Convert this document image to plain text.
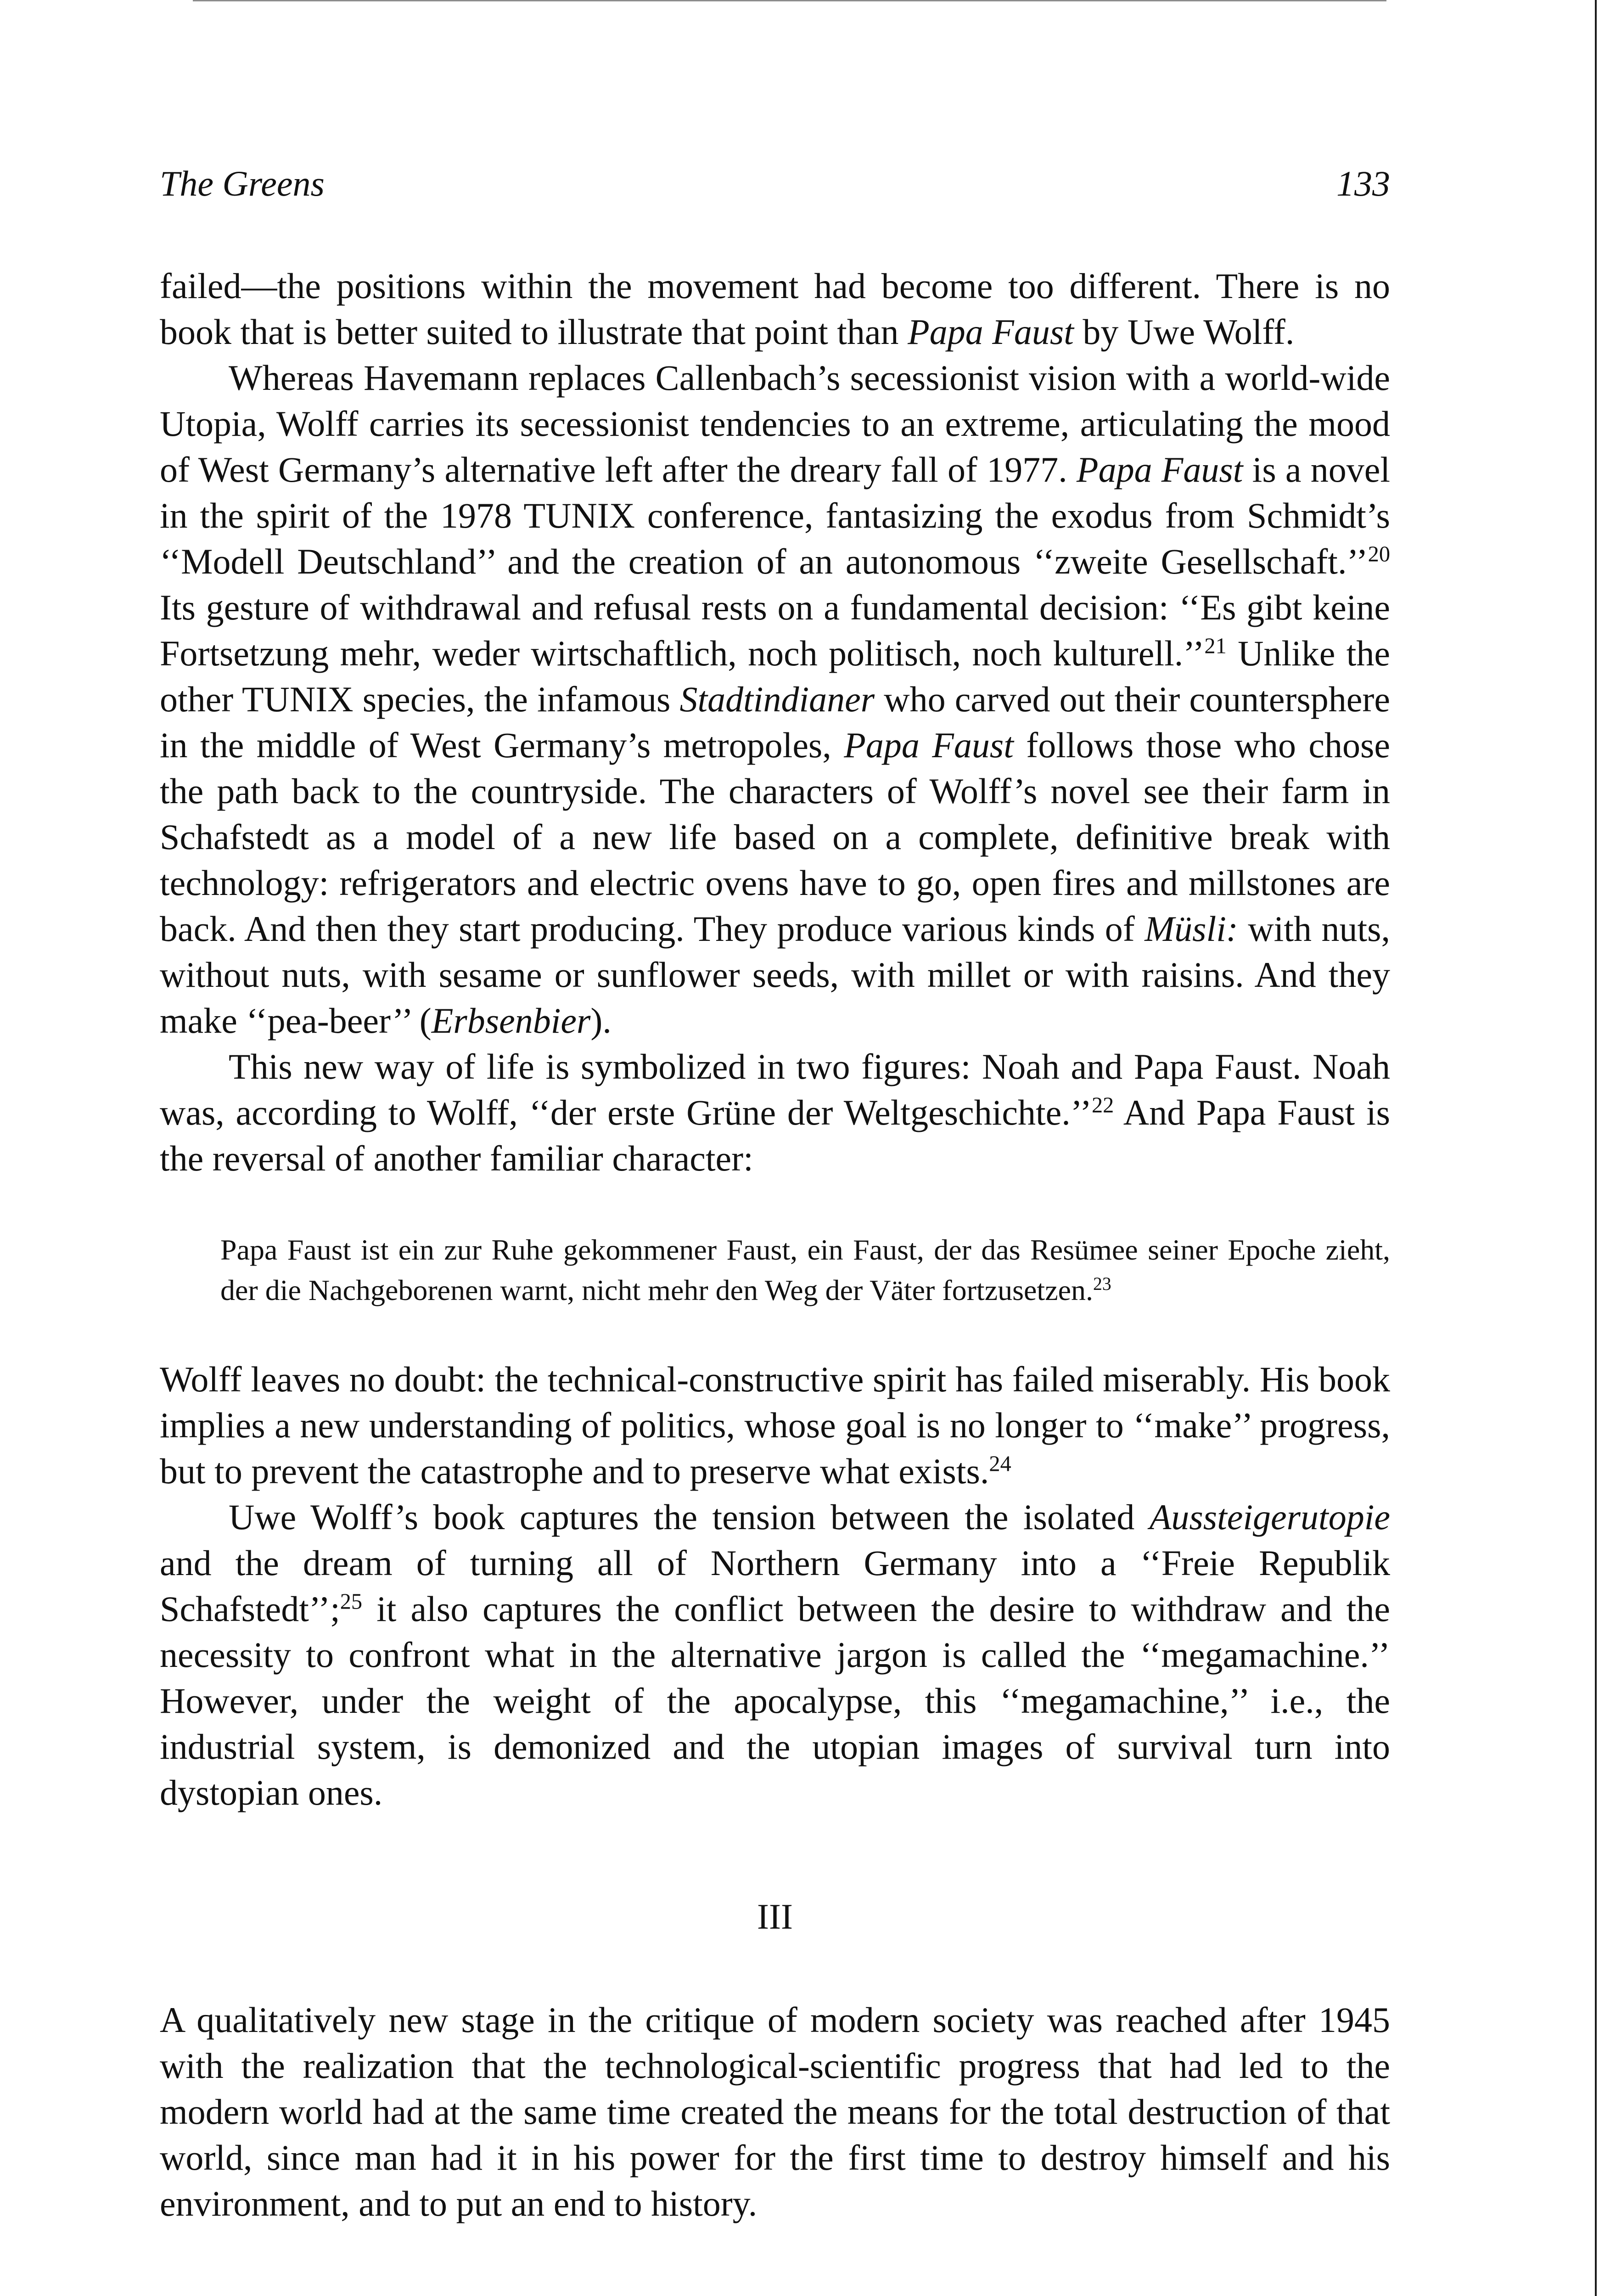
The Greens	133

failed—the positions within the movement had become too different. There is no book that is better suited to illustrate that point than Papa Faust by Uwe Wolff.

Whereas Havemann replaces Callenbach’s secessionist vision with a world-wide Utopia, Wolff carries its secessionist tendencies to an extreme, articulating the mood of West Germany’s alternative left after the dreary fall of 1977. Papa Faust is a novel in the spirit of the 1978 TUNIX conference, fantasizing the exodus from Schmidt’s ‘‘Modell Deutschland’’ and the creation of an autonomous ‘‘zweite Gesellschaft.’’$^{20}$ Its gesture of withdrawal and refusal rests on a fundamental decision: ‘‘Es gibt keine Fortsetzung mehr, weder wirtschaftlich, noch politisch, noch kulturell.’’$^{21}$ Unlike the other TUNIX species, the infamous Stadtindianer who carved out their countersphere in the middle of West Germany’s metropoles, Papa Faust follows those who chose the path back to the countryside. The characters of Wolff’s novel see their farm in Schafstedt as a model of a new life based on a complete, definitive break with technology: refrigerators and electric ovens have to go, open fires and millstones are back. And then they start producing. They produce various kinds of Müsli: with nuts, without nuts, with sesame or sunflower seeds, with millet or with raisins. And they make ‘‘pea-beer’’ (Erbsenbier).

This new way of life is symbolized in two figures: Noah and Papa Faust. Noah was, according to Wolff, ‘‘der erste Grüne der Weltgeschichte.’’$^{22}$ And Papa Faust is the reversal of another familiar character:

Papa Faust ist ein zur Ruhe gekommener Faust, ein Faust, der das Resümee seiner Epoche zieht, der die Nachgeborenen warnt, nicht mehr den Weg der Väter fortzusetzen.$^{23}$

Wolff leaves no doubt: the technical-constructive spirit has failed miserably. His book implies a new understanding of politics, whose goal is no longer to ‘‘make’’ progress, but to prevent the catastrophe and to preserve what exists.$^{24}$

Uwe Wolff’s book captures the tension between the isolated Aussteigerutopie and the dream of turning all of Northern Germany into a ‘‘Freie Republik Schafstedt’’;$^{25}$ it also captures the conflict between the desire to withdraw and the necessity to confront what in the alternative jargon is called the ‘‘megamachine.’’ However, under the weight of the apocalypse, this ‘‘megamachine,’’ i.e., the industrial system, is demonized and the utopian images of survival turn into dystopian ones.

III

A qualitatively new stage in the critique of modern society was reached after 1945 with the realization that the technological-scientific progress that had led to the modern world had at the same time created the means for the total destruction of that world, since man had it in his power for the first time to destroy himself and his environment, and to put an end to history.
